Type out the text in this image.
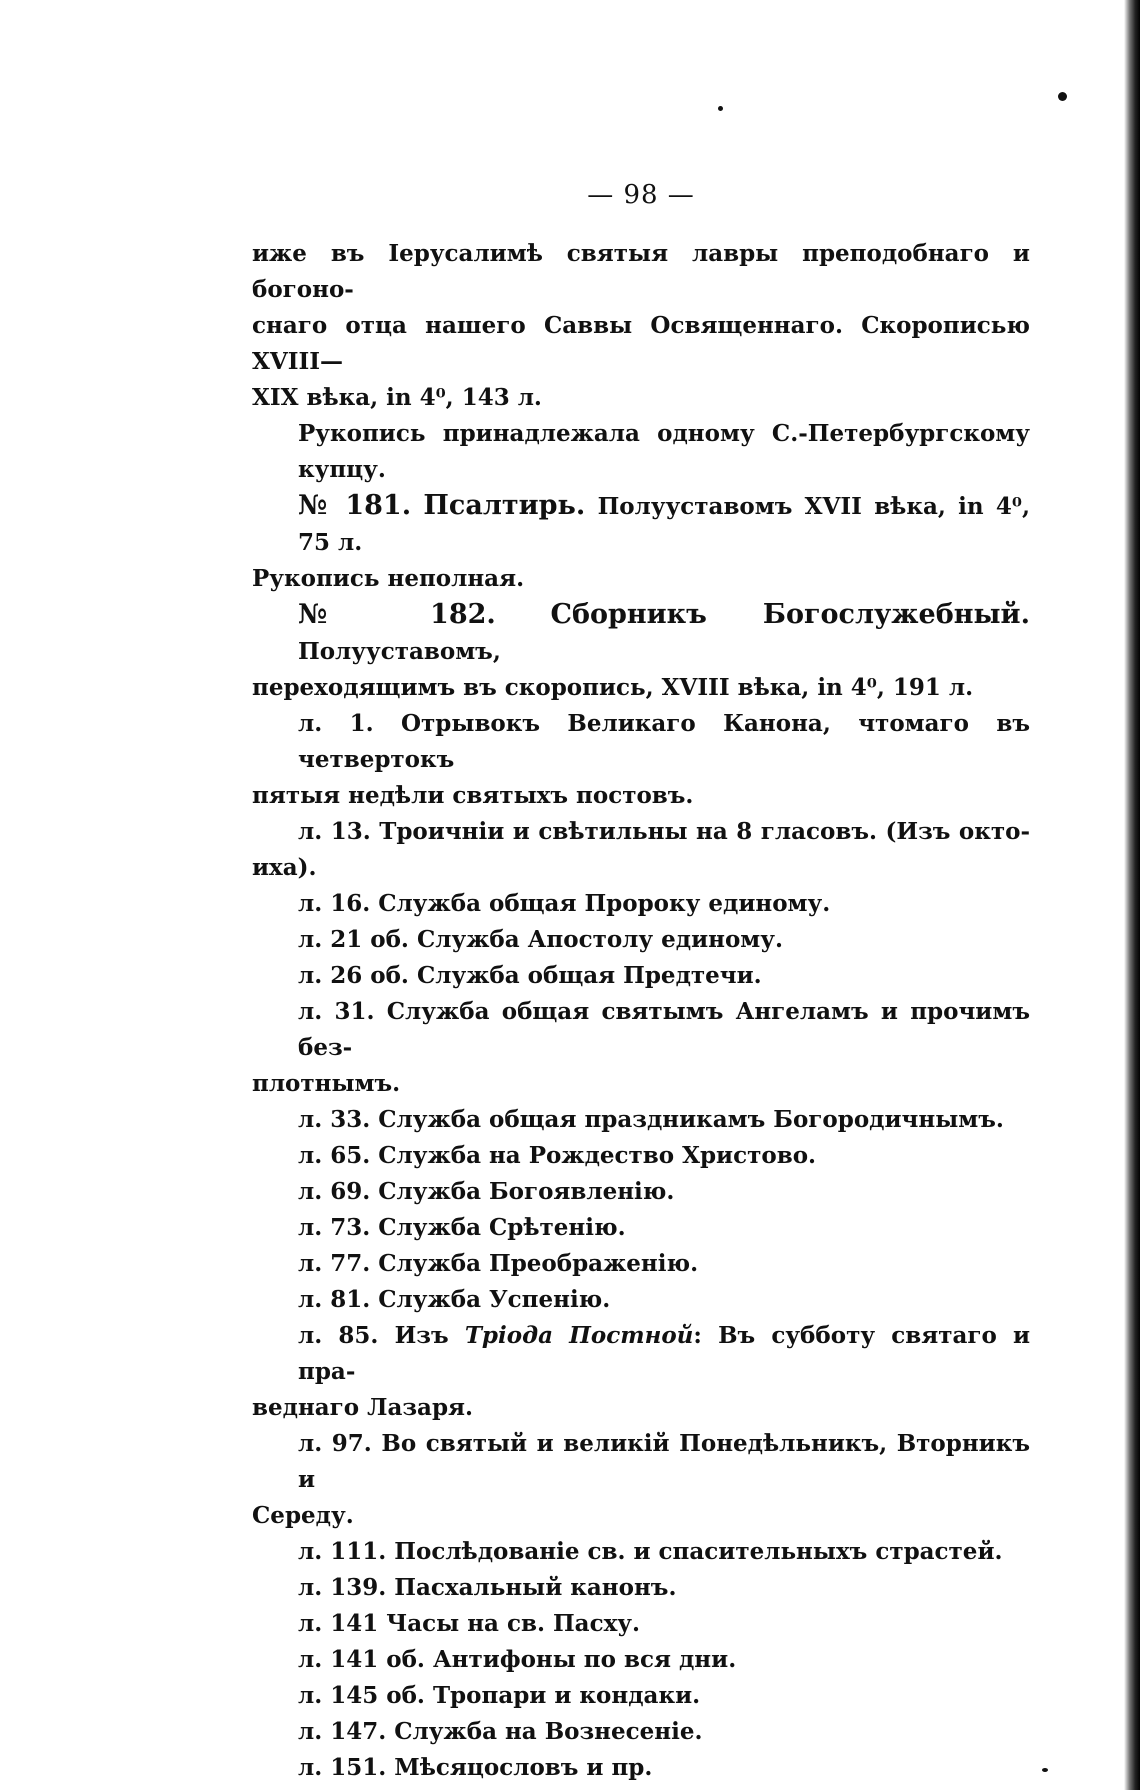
— 98 —
иже въ Іерусалимѣ святыя лавры преподобнаго и богоно-
снаго отца нашего Саввы Освященнаго. Скорописью XVIII—
XIX вѣка, in 4⁰, 143 л.
Рукопись принадлежала одному С.-Петербургскому купцу.
№ 181. Псалтирь. Полууставомъ XVII вѣка, in 4⁰, 75 л.
Рукопись неполная.
№ 182. Сборникъ Богослужебный. Полууставомъ,
переходящимъ въ скоропись, XVIII вѣка, in 4⁰, 191 л.
л. 1. Отрывокъ Великаго Канона, чтомаго въ четвертокъ
пятыя недѣли святыхъ постовъ.
л. 13. Троичніи и свѣтильны на 8 гласовъ. (Изъ окто-
иха).
л. 16. Служба общая Пророку единому.
л. 21 об. Служба Апостолу единому.
л. 26 об. Служба общая Предтечи.
л. 31. Служба общая святымъ Ангеламъ и прочимъ без-
плотнымъ.
л. 33. Служба общая праздникамъ Богородичнымъ.
л. 65. Служба на Рождество Христово.
л. 69. Служба Богоявленію.
л. 73. Служба Срѣтенію.
л. 77. Служба Преображенію.
л. 81. Служба Успенію.
л. 85. Изъ Тріода Постной: Въ субботу святаго и пра-
веднаго Лазаря.
л. 97. Во святый и великій Понедѣльникъ, Вторникъ и
Середу.
л. 111. Послѣдованіе св. и спасительныхъ страстей.
л. 139. Пасхальный канонъ.
л. 141 Часы на св. Пасху.
л. 141 об. Антифоны по вся дни.
л. 145 об. Тропари и кондаки.
л. 147. Служба на Вознесеніе.
л. 151. Мѣсяцословъ и пр.
